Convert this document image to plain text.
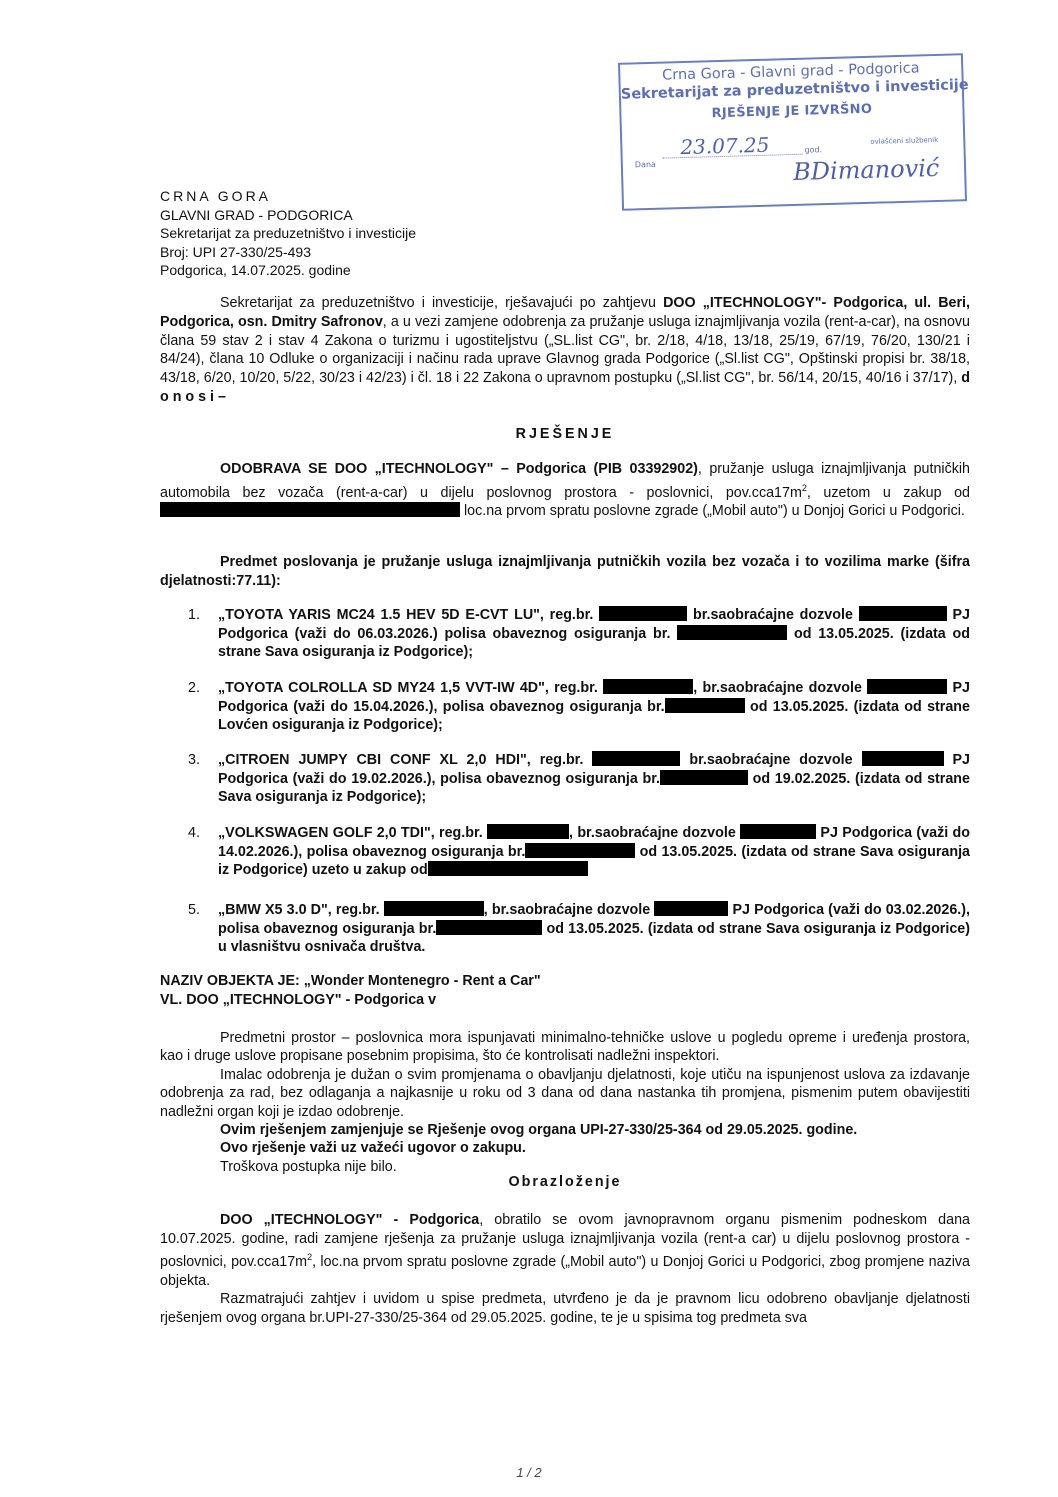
Crna Gora - Glavni grad - Podgorica
Sekretarijat za preduzetništvo i investicije
RJEŠENJE JE IZVRŠNO
Dana
23.07.25	god.
ovlašćeni službenik
BDimanović
CRNA GORA
GLAVNI GRAD - PODGORICA
Sekretarijat za preduzetništvo i investicije
Broj: UPI 27-330/25-493
Podgorica, 14.07.2025. godine

Sekretarijat za preduzetništvo i investicije, rješavajući po zahtjevu DOO „ITECHNOLOGY"- Podgorica, ul. Beri, Podgorica, osn. Dmitry Safronov, a u vezi zamjene odobrenja za pružanje usluga iznajmljivanja vozila (rent-a-car), na osnovu člana 59 stav 2 i stav 4 Zakona o turizmu i ugostiteljstvu („SL.list CG", br. 2/18, 4/18, 13/18, 25/19, 67/19, 76/20, 130/21 i 84/24), člana 10 Odluke o organizaciji i načinu rada uprave Glavnog grada Podgorice („Sl.list CG", Opštinski propisi br. 38/18, 43/18, 6/20, 10/20, 5/22, 30/23 i 42/23) i čl. 18 i 22 Zakona o upravnom postupku („Sl.list CG", br. 56/14, 20/15, 40/16 i 37/17), d o n o s i –

RJEŠENJE

ODOBRAVA SE DOO „ITECHNOLOGY" – Podgorica (PIB 03392902), pružanje usluga iznajmljivanja putničkih automobila bez vozača (rent-a-car) u dijelu poslovnog prostora - poslovnici, $pov.cca17m^2$, uzetom u zakup od  loc.na prvom spratu poslovne zgrade („Mobil auto") u Donjoj Gorici u Podgorici.

Predmet poslovanja je pružanje usluga iznajmljivanja putničkih vozila bez vozača i to vozilima marke (šifra djelatnosti:77.11):

1. „TOYOTA YARIS MC24 1.5 HEV 5D E-CVT LU", reg.br.	br.saobraćajne dozvole	PJ Podgorica (važi do 06.03.2026.) polisa obaveznog osiguranja br.	od 13.05.2025. (izdata od strane Sava osiguranja iz Podgorice);
2. „TOYOTA COLROLLA SD MY24 1,5 VVT-IW 4D", reg.br.	, br.saobraćajne dozvole	PJ Podgorica (važi do 15.04.2026.), polisa obaveznog osiguranja br.	od 13.05.2025. (izdata od strane Lovćen osiguranja iz Podgorice);
3. „CITROEN JUMPY CBI CONF XL 2,0 HDI", reg.br.	br.saobraćajne dozvole	PJ Podgorica (važi do 19.02.2026.), polisa obaveznog osiguranja br.	od 19.02.2025. (izdata od strane Sava osiguranja iz Podgorice);
4. „VOLKSWAGEN GOLF 2,0 TDI", reg.br.	, br.saobraćajne dozvole	PJ Podgorica (važi do 14.02.2026.), polisa obaveznog osiguranja br.	od 13.05.2025. (izdata od strane Sava osiguranja iz Podgorice) uzeto u zakup od
5. „BMW X5 3.0 D", reg.br.	, br.saobraćajne dozvole	PJ Podgorica (važi do 03.02.2026.), polisa obaveznog osiguranja br.	od 13.05.2025. (izdata od strane Sava osiguranja iz Podgorice) u vlasništvu osnivača društva.
NAZIV OBJEKTA JE: „Wonder Montenegro - Rent a Car"
VL. DOO „ITECHNOLOGY" - Podgorica v

Predmetni prostor – poslovnica mora ispunjavati minimalno-tehničke uslove u pogledu opreme i uređenja prostora, kao i druge uslove propisane posebnim propisima, što će kontrolisati nadležni inspektori.

Imalac odobrenja je dužan o svim promjenama o obavljanju djelatnosti, koje utiču na ispunjenost uslova za izdavanje odobrenja za rad, bez odlaganja a najkasnije u roku od 3 dana od dana nastanka tih promjena, pismenim putem obavijestiti nadležni organ koji je izdao odobrenje.

Ovim rješenjem zamjenjuje se Rješenje ovog organa UPI-27-330/25-364 od 29.05.2025. godine.

Ovo rješenje važi uz važeći ugovor o zakupu.

Troškova postupka nije bilo.

Obrazloženje

DOO „ITECHNOLOGY" - Podgorica, obratilo se ovom javnopravnom organu pismenim podneskom dana 10.07.2025. godine, radi zamjene rješenja za pružanje usluga iznajmljivanja vozila (rent-a car) u dijelu poslovnog prostora - poslovnici, $pov.cca17m^2$, loc.na prvom spratu poslovne zgrade („Mobil auto") u Donjoj Gorici u Podgorici, zbog promjene naziva objekta.

Razmatrajući zahtjev i uvidom u spise predmeta, utvrđeno je da je pravnom licu odobreno obavljanje djelatnosti rješenjem ovog organa br.UPI-27-330/25-364 od 29.05.2025. godine, te je u spisima tog predmeta sva

1 / 2
